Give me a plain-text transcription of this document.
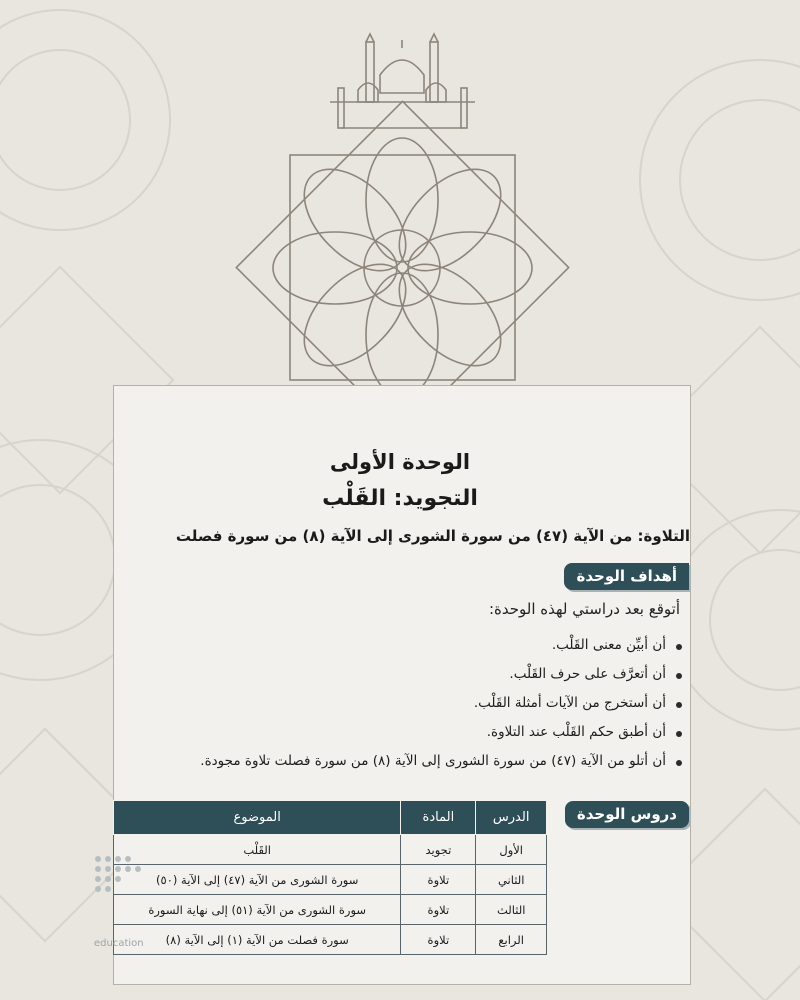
الوحدة الأولى
التجويد: القَلْب
التلاوة: من الآية (٤٧) من سورة الشورى إلى الآية (٨) من سورة فصلت
أهداف الوحدة
أتوقع بعد دراستي لهذه الوحدة:
أن أبيِّن معنى القَلْب.
أن أتعرَّف على حرف القَلْب.
أن أستخرج من الآيات أمثلة القَلْب.
أن أطبق حكم القَلْب عند التلاوة.
أن أتلو من الآية (٤٧) من سورة الشورى إلى الآية (٨) من سورة فصلت تلاوة مجودة.
دروس الوحدة
الدرس	المادة	الموضوع
الأول	تجويد	القَلْب
الثاني	تلاوة	سورة الشورى من الآية (٤٧) إلى الآية (٥٠)
الثالث	تلاوة	سورة الشورى من الآية (٥١) إلى نهاية السورة
الرابع	تلاوة	سورة فصلت من الآية (١) إلى الآية (٨)
education
